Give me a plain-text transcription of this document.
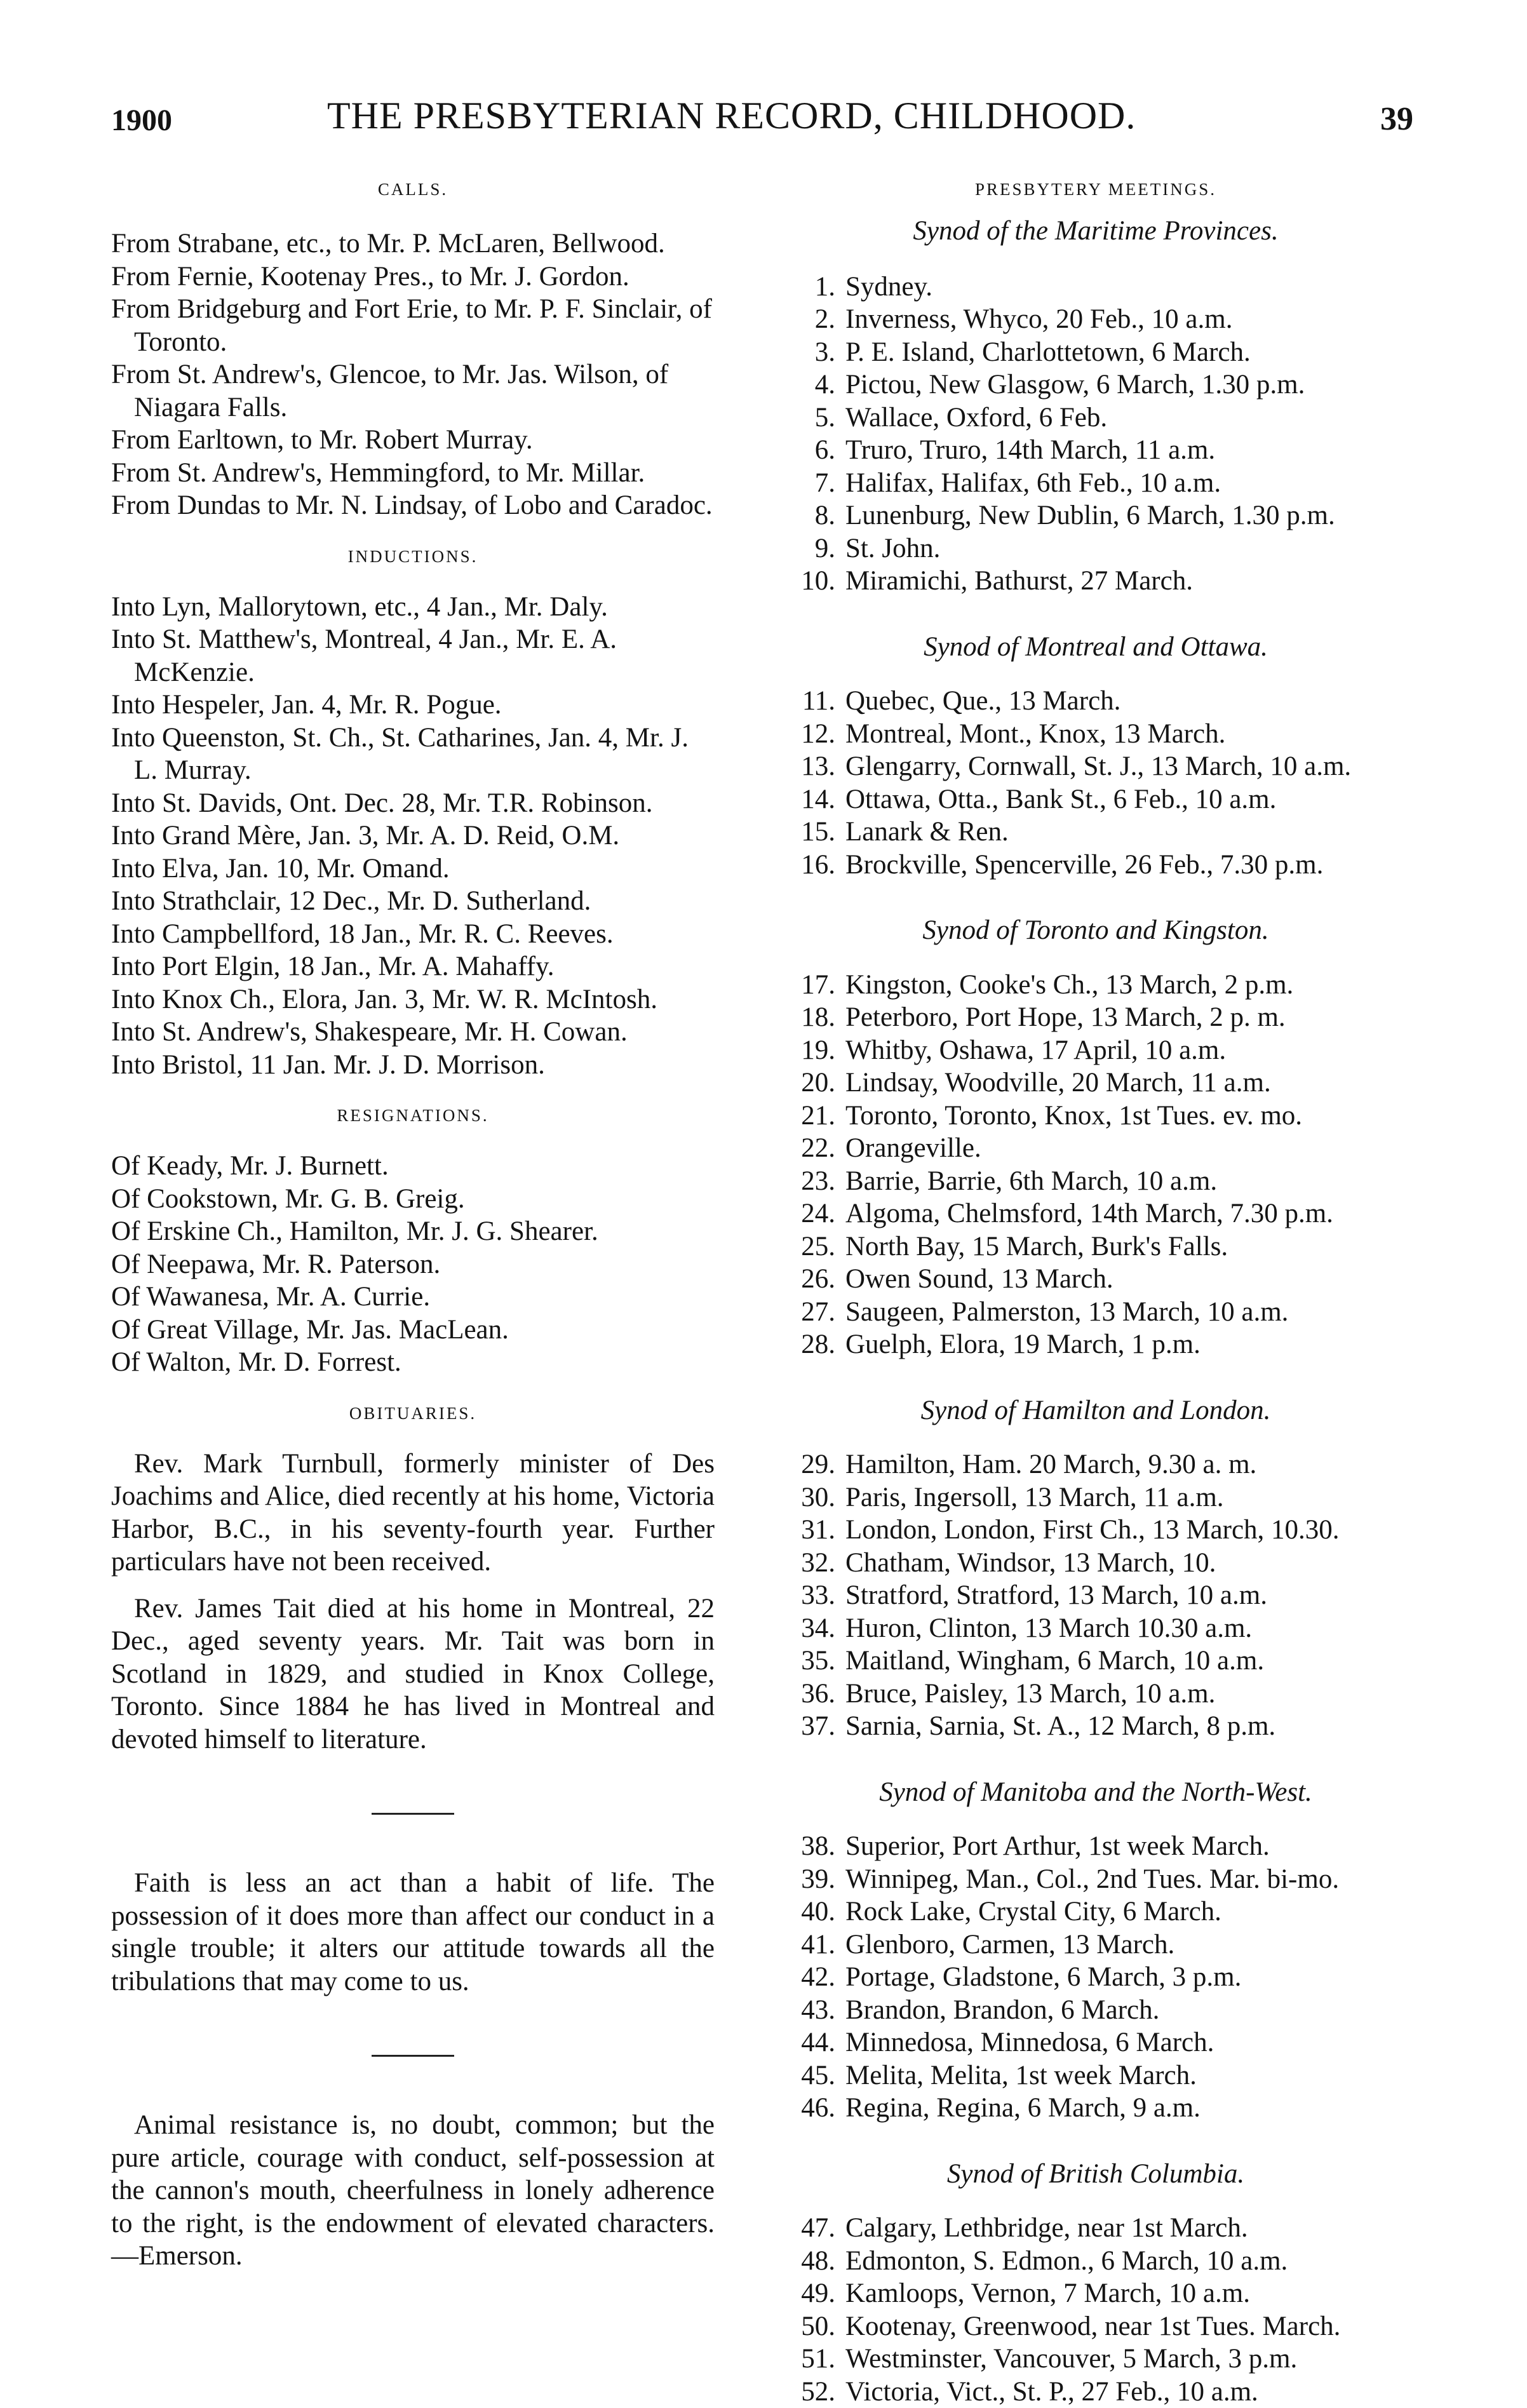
1900	THE PRESBYTERIAN RECORD, CHILDHOOD.	39

CALLS.

From Strabane, etc., to Mr. P. McLaren, Bellwood.

From Fernie, Kootenay Pres., to Mr. J. Gordon.

From Bridgeburg and Fort Erie, to Mr. P. F. Sinclair, of Toronto.

From St. Andrew's, Glencoe, to Mr. Jas. Wilson, of Niagara Falls.

From Earltown, to Mr. Robert Murray.

From St. Andrew's, Hemmingford, to Mr. Millar.

From Dundas to Mr. N. Lindsay, of Lobo and Caradoc.

INDUCTIONS.

Into Lyn, Mallorytown, etc., 4 Jan., Mr. Daly.

Into St. Matthew's, Montreal, 4 Jan., Mr. E. A. McKenzie.

Into Hespeler, Jan. 4, Mr. R. Pogue.

Into Queenston, St. Ch., St. Catharines, Jan. 4, Mr. J. L. Murray.

Into St. Davids, Ont. Dec. 28, Mr. T.R. Robinson.

Into Grand Mère, Jan. 3, Mr. A. D. Reid, O.M.

Into Elva, Jan. 10, Mr. Omand.

Into Strathclair, 12 Dec., Mr. D. Sutherland.

Into Campbellford, 18 Jan., Mr. R. C. Reeves.

Into Port Elgin, 18 Jan., Mr. A. Mahaffy.

Into Knox Ch., Elora, Jan. 3, Mr. W. R. McIntosh.

Into St. Andrew's, Shakespeare, Mr. H. Cowan.

Into Bristol, 11 Jan. Mr. J. D. Morrison.

RESIGNATIONS.

Of Keady, Mr. J. Burnett.

Of Cookstown, Mr. G. B. Greig.

Of Erskine Ch., Hamilton, Mr. J. G. Shearer.

Of Neepawa, Mr. R. Paterson.

Of Wawanesa, Mr. A. Currie.

Of Great Village, Mr. Jas. MacLean.

Of Walton, Mr. D. Forrest.

OBITUARIES.

Rev. Mark Turnbull, formerly minister of Des Joachims and Alice, died recently at his home, Victoria Harbor, B.C., in his seventy-fourth year. Further particulars have not been received.

Rev. James Tait died at his home in Montreal, 22 Dec., aged seventy years. Mr. Tait was born in Scotland in 1829, and studied in Knox College, Toronto. Since 1884 he has lived in Montreal and devoted himself to literature.

Faith is less an act than a habit of life. The possession of it does more than affect our conduct in a single trouble; it alters our attitude towards all the tribulations that may come to us.

Animal resistance is, no doubt, common; but the pure article, courage with conduct, self-possession at the cannon's mouth, cheerfulness in lonely adherence to the right, is the endowment of elevated characters.—Emerson.

PRESBYTERY MEETINGS.

Synod of the Maritime Provinces.

1. Sydney.
2. Inverness, Whyco, 20 Feb., 10 a.m.
3. P. E. Island, Charlottetown, 6 March.
4. Pictou, New Glasgow, 6 March, 1.30 p.m.
5. Wallace, Oxford, 6 Feb.
6. Truro, Truro, 14th March, 11 a.m.
7. Halifax, Halifax, 6th Feb., 10 a.m.
8. Lunenburg, New Dublin, 6 March, 1.30 p.m.
9. St. John.
10. Miramichi, Bathurst, 27 March.

Synod of Montreal and Ottawa.

11. Quebec, Que., 13 March.
12. Montreal, Mont., Knox, 13 March.
13. Glengarry, Cornwall, St. J., 13 March, 10 a.m.
14. Ottawa, Otta., Bank St., 6 Feb., 10 a.m.
15. Lanark & Ren.
16. Brockville, Spencerville, 26 Feb., 7.30 p.m.

Synod of Toronto and Kingston.

17. Kingston, Cooke's Ch., 13 March, 2 p.m.
18. Peterboro, Port Hope, 13 March, 2 p. m.
19. Whitby, Oshawa, 17 April, 10 a.m.
20. Lindsay, Woodville, 20 March, 11 a.m.
21. Toronto, Toronto, Knox, 1st Tues. ev. mo.
22. Orangeville.
23. Barrie, Barrie, 6th March, 10 a.m.
24. Algoma, Chelmsford, 14th March, 7.30 p.m.
25. North Bay, 15 March, Burk's Falls.
26. Owen Sound, 13 March.
27. Saugeen, Palmerston, 13 March, 10 a.m.
28. Guelph, Elora, 19 March, 1 p.m.

Synod of Hamilton and London.

29. Hamilton, Ham. 20 March, 9.30 a. m.
30. Paris, Ingersoll, 13 March, 11 a.m.
31. London, London, First Ch., 13 March, 10.30.
32. Chatham, Windsor, 13 March, 10.
33. Stratford, Stratford, 13 March, 10 a.m.
34. Huron, Clinton, 13 March 10.30 a.m.
35. Maitland, Wingham, 6 March, 10 a.m.
36. Bruce, Paisley, 13 March, 10 a.m.
37. Sarnia, Sarnia, St. A., 12 March, 8 p.m.

Synod of Manitoba and the North-West.

38. Superior, Port Arthur, 1st week March.
39. Winnipeg, Man., Col., 2nd Tues. Mar. bi-mo.
40. Rock Lake, Crystal City, 6 March.
41. Glenboro, Carmen, 13 March.
42. Portage, Gladstone, 6 March, 3 p.m.
43. Brandon, Brandon, 6 March.
44. Minnedosa, Minnedosa, 6 March.
45. Melita, Melita, 1st week March.
46. Regina, Regina, 6 March, 9 a.m.

Synod of British Columbia.

47. Calgary, Lethbridge, near 1st March.
48. Edmonton, S. Edmon., 6 March, 10 a.m.
49. Kamloops, Vernon, 7 March, 10 a.m.
50. Kootenay, Greenwood, near 1st Tues. March.
51. Westminster, Vancouver, 5 March, 3 p.m.
52. Victoria, Vict., St. P., 27 Feb., 10 a.m.
